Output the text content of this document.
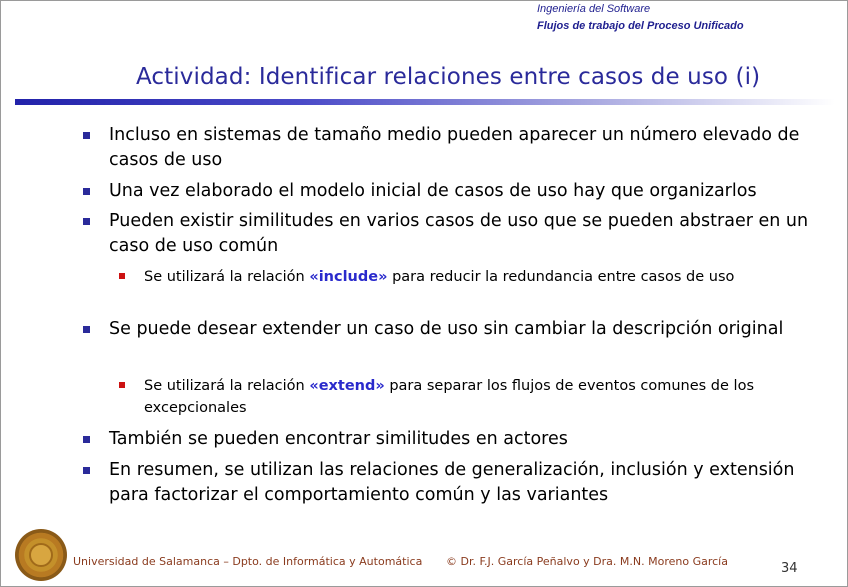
Ingeniería del Software
Flujos de trabajo del Proceso Unificado
Actividad: Identificar relaciones entre casos de uso (i)
Incluso en sistemas de tamaño medio pueden aparecer un número elevado de casos de uso
Una vez elaborado el modelo inicial de casos de uso hay que organizarlos
Pueden existir similitudes en varios casos de uso que se pueden abstraer en un caso de uso común
Se utilizará la relación «include» para reducir la redundancia entre casos de uso
Se puede desear extender un caso de uso sin cambiar la descripción original
Se utilizará la relación «extend» para separar los flujos de eventos comunes de los excepcionales
También se pueden encontrar similitudes en actores
En resumen, se utilizan las relaciones de generalización, inclusión y extensión para factorizar el comportamiento común y las variantes
Universidad de Salamanca – Dpto. de Informática y Automática © Dr. F.J. García Peñalvo y Dra. M.N. Moreno García	34
